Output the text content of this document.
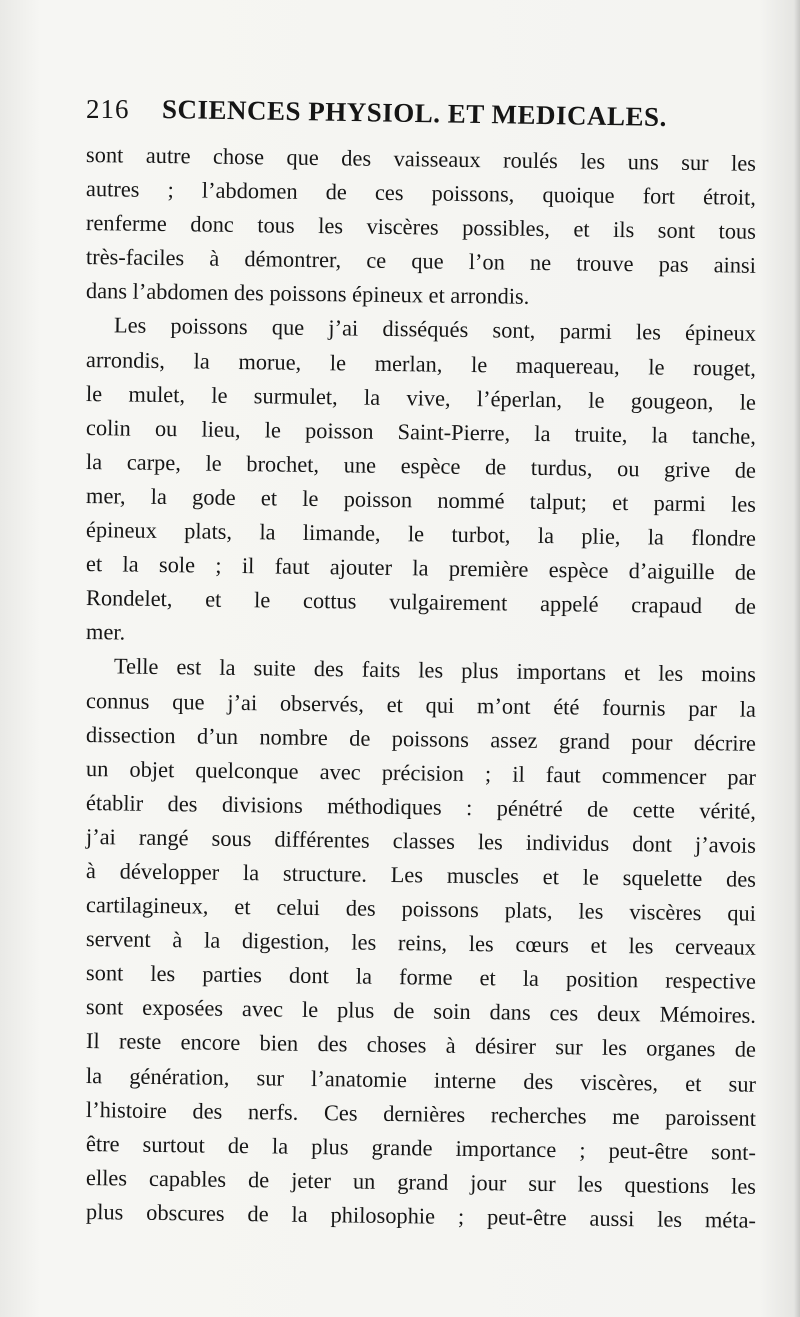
216 SCIENCES PHYSIOL. ET MEDICALES.
sont autre chose que des vaisseaux roulés les uns sur les
autres ; l’abdomen de ces poissons, quoique fort étroit,
renferme donc tous les viscères possibles, et ils sont tous
très-faciles à démontrer, ce que l’on ne trouve pas ainsi
dans l’abdomen des poissons épineux et arrondis.
Les poissons que j’ai disséqués sont, parmi les épineux
arrondis, la morue, le merlan, le maquereau, le rouget,
le mulet, le surmulet, la vive, l’éperlan, le gougeon, le
colin ou lieu, le poisson Saint-Pierre, la truite, la tanche,
la carpe, le brochet, une espèce de turdus, ou grive de
mer, la gode et le poisson nommé talput; et parmi les
épineux plats, la limande, le turbot, la plie, la flondre
et la sole ; il faut ajouter la première espèce d’aiguille de
Rondelet, et le cottus vulgairement appelé crapaud de
mer.
Telle est la suite des faits les plus importans et les moins
connus que j’ai observés, et qui m’ont été fournis par la
dissection d’un nombre de poissons assez grand pour décrire
un objet quelconque avec précision ; il faut commencer par
établir des divisions méthodiques : pénétré de cette vérité,
j’ai rangé sous différentes classes les individus dont j’avois
à développer la structure. Les muscles et le squelette des
cartilagineux, et celui des poissons plats, les viscères qui
servent à la digestion, les reins, les cœurs et les cerveaux
sont les parties dont la forme et la position respective
sont exposées avec le plus de soin dans ces deux Mémoires.
Il reste encore bien des choses à désirer sur les organes de
la génération, sur l’anatomie interne des viscères, et sur
l’histoire des nerfs. Ces dernières recherches me paroissent
être surtout de la plus grande importance ; peut-être sont-
elles capables de jeter un grand jour sur les questions les
plus obscures de la philosophie ; peut-être aussi les méta-
